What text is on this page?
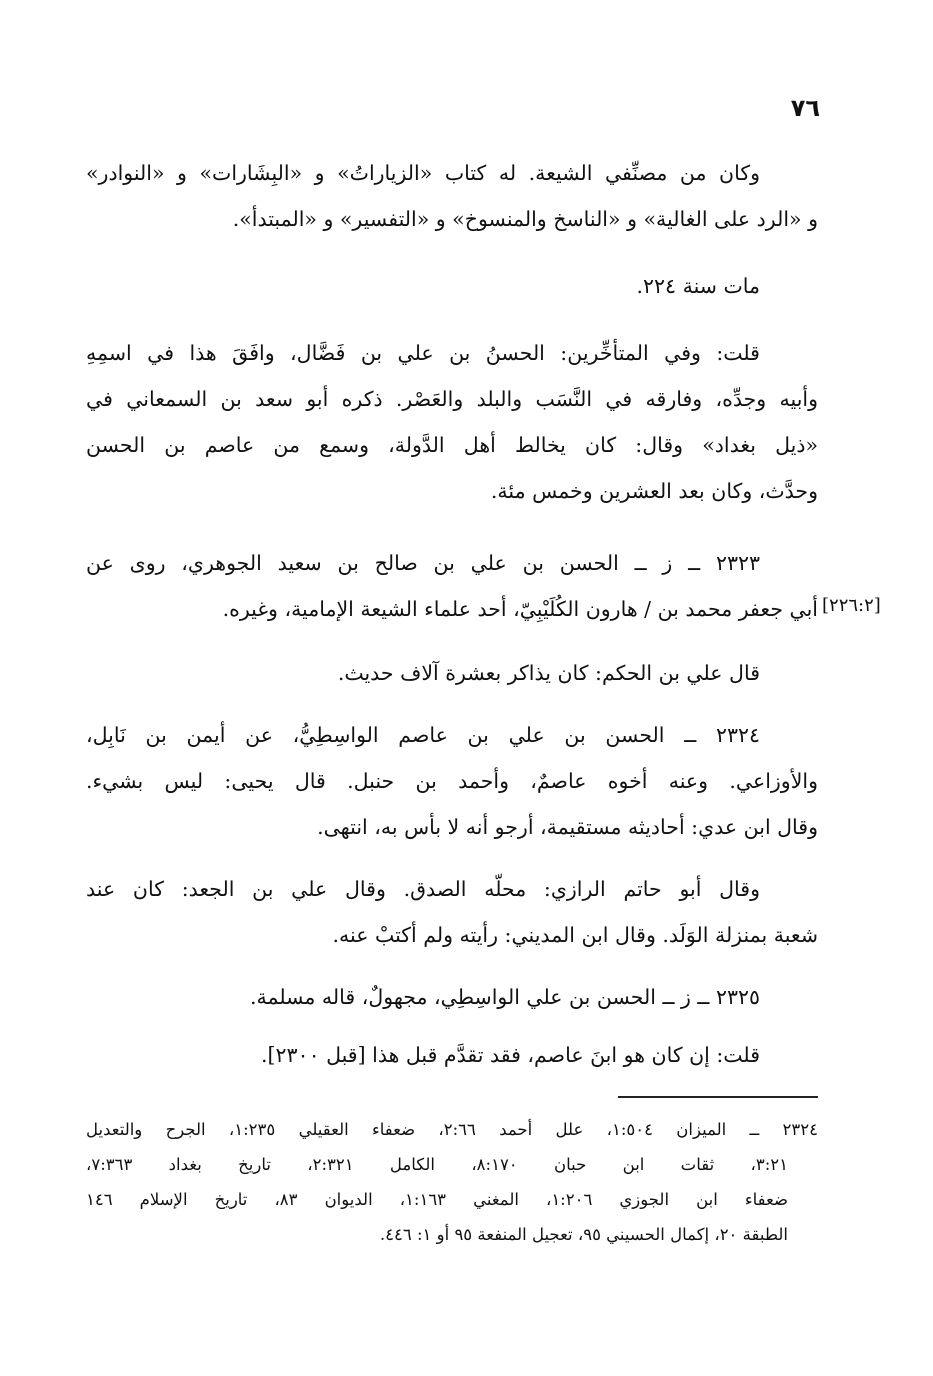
٧٦
وكان من مصنِّفي الشيعة. له كتاب «الزياراتُ» و «البِشَارات» و «النوادر»
و «الرد على الغالية» و «الناسخ والمنسوخ» و «التفسير» و «المبتدأ».
مات سنة ٢٢٤.
قلت: وفي المتأخِّرين: الحسنُ بن علي بن فَضَّال، وافَقَ هذا في اسمِهِ
وأبيه وجدِّه، وفارقه في النَّسَب والبلد والعَصْر. ذكره أبو سعد بن السمعاني في
«ذيل بغداد» وقال: كان يخالط أهل الدَّولة، وسمع من عاصم بن الحسن
وحدَّث، وكان بعد العشرين وخمس مئة.
٢٣٢٣ ــ ز ــ الحسن بن علي بن صالح بن سعيد الجوهري، روى عن
أبي جعفر محمد بن / هارون الكُلَيْبِيّ، أحد علماء الشيعة الإمامية، وغيره. [٢٢٦:٢]
قال علي بن الحكم: كان يذاكر بعشرة آلاف حديث.
٢٣٢٤ ــ الحسن بن علي بن عاصم الواسِطِيُّ، عن أيمن بن نَابِل،
والأوزاعي. وعنه أخوه عاصمٌ، وأحمد بن حنبل. قال يحيى: ليس بشيء.
وقال ابن عدي: أحاديثه مستقيمة، أرجو أنه لا بأس به، انتهى.
وقال أبو حاتم الرازي: محلّه الصدق. وقال علي بن الجعد: كان عند
شعبة بمنزلة الوَلَد. وقال ابن المديني: رأيته ولم أكتبْ عنه.
٢٣٢٥ ــ ز ــ الحسن بن علي الواسِطِي، مجهولٌ، قاله مسلمة.
قلت: إن كان هو ابنَ عاصم، فقد تقدَّم قبل هذا [قبل ٢٣٠٠].
٢٣٢٤ ــ الميزان ١:٥٠٤، علل أحمد ٢:٦٦، ضعفاء العقيلي ١:٢٣٥، الجرح والتعديل
٣:٢١، ثقات ابن حبان ٨:١٧٠، الكامل ٢:٣٢١، تاريخ بغداد ٧:٣٦٣،
ضعفاء ابن الجوزي ١:٢٠٦، المغني ١:١٦٣، الديوان ٨٣، تاريخ الإسلام ١٤٦
الطبقة ٢٠، إكمال الحسيني ٩٥، تعجيل المنفعة ٩٥ أو ١: ٤٤٦.
